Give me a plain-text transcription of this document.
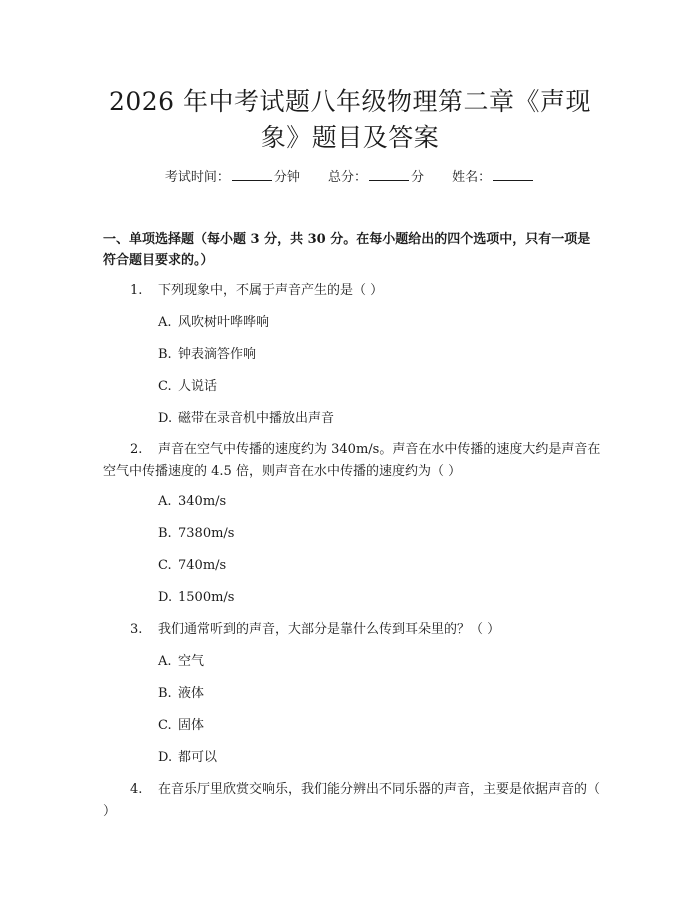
2026 年中考试题八年级物理第二章《声现
象》题目及答案
考试时间：	分钟 总分：	分 姓名：
一、单项选择题（每小题 3 分，共 30 分。在每小题给出的四个选项中，只有一项是符合题目要求的。）
1. 下列现象中，不属于声音产生的是（ ）
A. 风吹树叶哗哗响
B. 钟表滴答作响
C. 人说话
D. 磁带在录音机中播放出声音
2. 声音在空气中传播的速度约为 340m/s。声音在水中传播的速度大约是声音在空气中传播速度的 4.5 倍，则声音在水中传播的速度约为（ ）
A. 340m/s
B. 7380m/s
C. 740m/s
D. 1500m/s
3. 我们通常听到的声音，大部分是靠什么传到耳朵里的？（ ）
A. 空气
B. 液体
C. 固体
D. 都可以
4. 在音乐厅里欣赏交响乐，我们能分辨出不同乐器的声音，主要是依据声音的（ ）
